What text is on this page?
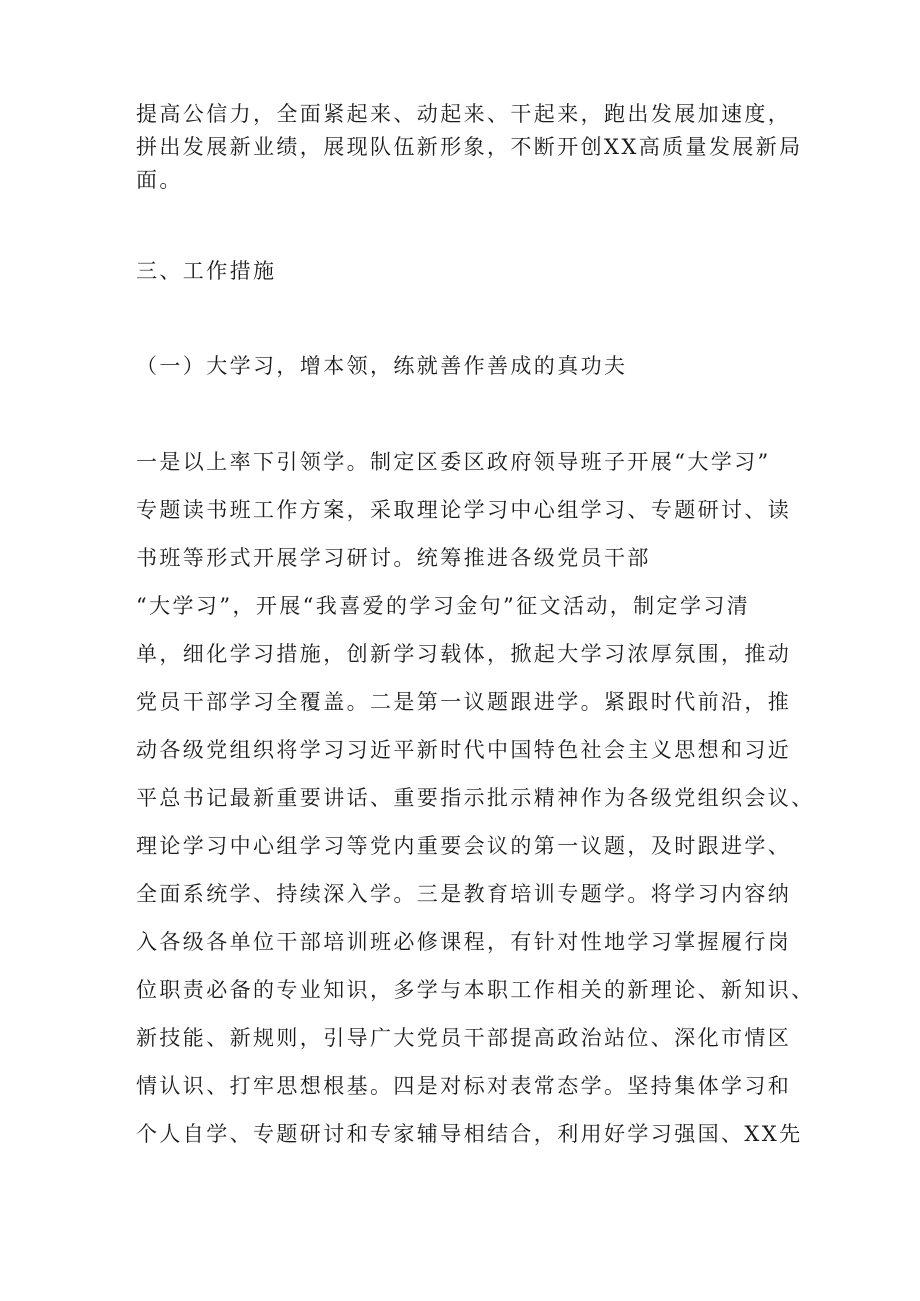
提高公信力，全面紧起来、动起来、干起来，跑出发展加速度，
拼出发展新业绩，展现队伍新形象，不断开创XX高质量发展新局
面。
三、工作措施
（一）大学习，增本领，练就善作善成的真功夫
一是以上率下引领学。制定区委区政府领导班子开展“大学习”
专题读书班工作方案，采取理论学习中心组学习、专题研讨、读
书班等形式开展学习研讨。统筹推进各级党员干部
“大学习”，开展“我喜爱的学习金句”征文活动，制定学习清
单，细化学习措施，创新学习载体，掀起大学习浓厚氛围，推动
党员干部学习全覆盖。二是第一议题跟进学。紧跟时代前沿，推
动各级党组织将学习习近平新时代中国特色社会主义思想和习近
平总书记最新重要讲话、重要指示批示精神作为各级党组织会议、
理论学习中心组学习等党内重要会议的第一议题，及时跟进学、
全面系统学、持续深入学。三是教育培训专题学。将学习内容纳
入各级各单位干部培训班必修课程，有针对性地学习掌握履行岗
位职责必备的专业知识，多学与本职工作相关的新理论、新知识、
新技能、新规则，引导广大党员干部提高政治站位、深化市情区
情认识、打牢思想根基。四是对标对表常态学。坚持集体学习和
个人自学、专题研讨和专家辅导相结合，利用好学习强国、XX先
